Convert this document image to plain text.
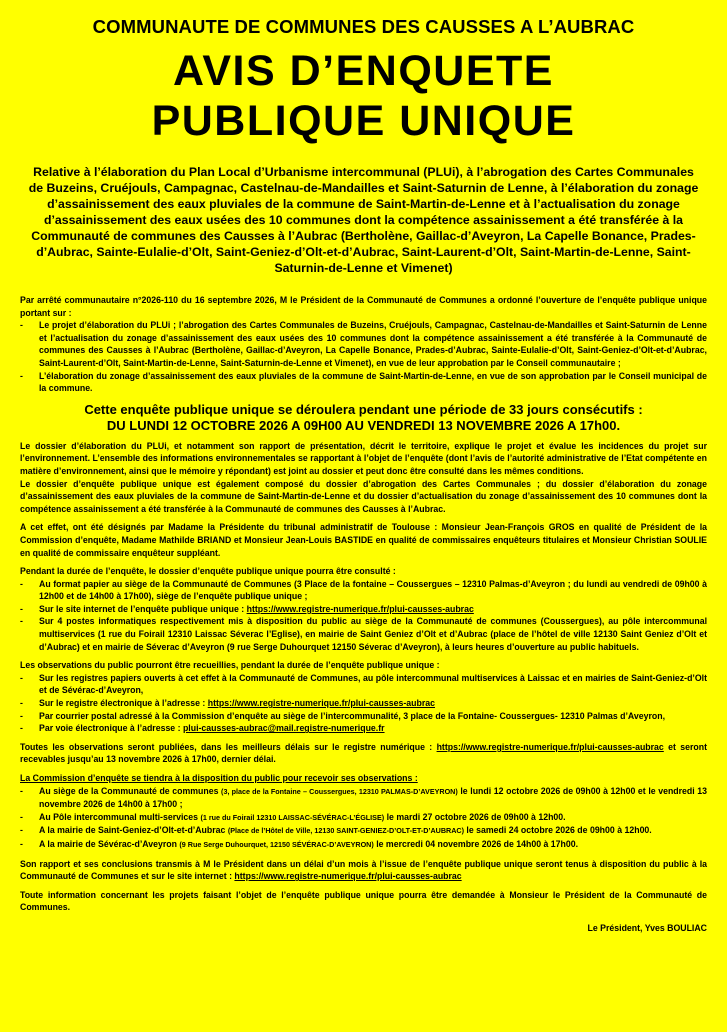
COMMUNAUTE DE COMMUNES DES CAUSSES A L’AUBRAC
AVIS D’ENQUETE
PUBLIQUE UNIQUE
Relative à l’élaboration du Plan Local d’Urbanisme intercommunal (PLUi), à l’abrogation des Cartes Communales de Buzeins, Cruéjouls, Campagnac, Castelnau-de-Mandailles et Saint-Saturnin de Lenne, à l’élaboration du zonage d’assainissement des eaux pluviales de la commune de Saint-Martin-de-Lenne et à l’actualisation du zonage d’assainissement des eaux usées des 10 communes dont la compétence assainissement a été transférée à la Communauté de communes des Causses à l’Aubrac (Bertholène, Gaillac-d’Aveyron, La Capelle Bonance, Prades-d’Aubrac, Sainte-Eulalie-d’Olt, Saint-Geniez-d’Olt-et-d’Aubrac, Saint-Laurent-d’Olt, Saint-Martin-de-Lenne, Saint-Saturnin-de-Lenne et Vimenet)

Par arrêté communautaire n°2026-110 du 16 septembre 2026, M le Président de la Communauté de Communes a ordonné l’ouverture de l’enquête publique unique portant sur :

- Le projet d’élaboration du PLUi ; l’abrogation des Cartes Communales de Buzeins, Cruéjouls, Campagnac, Castelnau-de-Mandailles et Saint-Saturnin de Lenne et l’actualisation du zonage d’assainissement des eaux usées des 10 communes dont la compétence assainissement a été transférée à la Communauté de communes des Causses à l’Aubrac (Bertholène, Gaillac-d’Aveyron, La Capelle Bonance, Prades-d’Aubrac, Sainte-Eulalie-d’Olt, Saint-Geniez-d’Olt-et-d’Aubrac, Saint-Laurent-d’Olt, Saint-Martin-de-Lenne, Saint-Saturnin-de-Lenne et Vimenet), en vue de leur approbation par le Conseil communautaire ;
- L’élaboration du zonage d’assainissement des eaux pluviales de la commune de Saint-Martin-de-Lenne, en vue de son approbation par le Conseil municipal de la commune.
Cette enquête publique unique se déroulera pendant une période de 33 jours consécutifs :
DU LUNDI 12 OCTOBRE 2026 A 09H00 AU VENDREDI 13 NOVEMBRE 2026 A 17h00.

Le dossier d’élaboration du PLUi, et notamment son rapport de présentation, décrit le territoire, explique le projet et évalue les incidences du projet sur l’environnement. L’ensemble des informations environnementales se rapportant à l’objet de l’enquête (dont l’avis de l’autorité administrative de l’Etat compétente en matière d’environnement, ainsi que le mémoire y répondant) est joint au dossier et peut donc être consulté dans les mêmes conditions.

Le dossier d’enquête publique unique est également composé du dossier d’abrogation des Cartes Communales ; du dossier d’élaboration du zonage d’assainissement des eaux pluviales de la commune de Saint-Martin-de-Lenne et du dossier d’actualisation du zonage d’assainissement des 10 communes dont la compétence assainissement a été transférée à la Communauté de communes des Causses à l’Aubrac.

A cet effet, ont été désignés par Madame la Présidente du tribunal administratif de Toulouse : Monsieur Jean-François GROS en qualité de Président de la Commission d’enquête, Madame Mathilde BRIAND et Monsieur Jean-Louis BASTIDE en qualité de commissaires enquêteurs titulaires et Monsieur Christian SOULIE en qualité de commissaire enquêteur suppléant.

Pendant la durée de l’enquête, le dossier d’enquête publique unique pourra être consulté :

- Au format papier au siège de la Communauté de Communes (3 Place de la fontaine – Coussergues – 12310 Palmas-d’Aveyron ; du lundi au vendredi de 09h00 à 12h00 et de 14h00 à 17h00), siège de l’enquête publique unique ;
- Sur le site internet de l’enquête publique unique : https://www.registre-numerique.fr/plui-causses-aubrac
- Sur 4 postes informatiques respectivement mis à disposition du public au siège de la Communauté de communes (Coussergues), au pôle intercommunal multiservices (1 rue du Foirail 12310 Laissac Séverac l’Eglise), en mairie de Saint Geniez d’Olt et d’Aubrac (place de l’hôtel de ville 12130 Saint Geniez d’Olt et d’Aubrac) et en mairie de Séverac d’Aveyron (9 rue Serge Duhourquet 12150 Séverac d’Aveyron), à leurs heures d’ouverture au public habituels.

Les observations du public pourront être recueillies, pendant la durée de l’enquête publique unique :

- Sur les registres papiers ouverts à cet effet à la Communauté de Communes, au pôle intercommunal multiservices à Laissac et en mairies de Saint-Geniez-d’Olt et de Sévérac-d’Aveyron,
- Sur le registre électronique à l’adresse : https://www.registre-numerique.fr/plui-causses-aubrac
- Par courrier postal adressé à la Commission d’enquête au siège de l’intercommunalité, 3 place de la Fontaine- Coussergues- 12310 Palmas d’Aveyron,
- Par voie électronique à l’adresse : plui-causses-aubrac@mail.registre-numerique.fr

Toutes les observations seront publiées, dans les meilleurs délais sur le registre numérique : https://www.registre-numerique.fr/plui-causses-aubrac et seront recevables jusqu’au 13 novembre 2026 à 17h00, dernier délai.

La Commission d’enquête se tiendra à la disposition du public pour recevoir ses observations :

- Au siège de la Communauté de communes (3, place de la Fontaine – Coussergues, 12310 PALMAS-D’AVEYRON) le lundi 12 octobre 2026 de 09h00 à 12h00 et le vendredi 13 novembre 2026 de 14h00 à 17h00 ;
- Au Pôle intercommunal multi-services (1 rue du Foirail 12310 LAISSAC-SÉVÉRAC-L’ÉGLISE) le mardi 27 octobre 2026 de 09h00 à 12h00.
- A la mairie de Saint-Geniez-d’Olt-et-d’Aubrac (Place de l’Hôtel de Ville, 12130 SAINT-GENIEZ-D’OLT-ET-D’AUBRAC) le samedi 24 octobre 2026 de 09h00 à 12h00.
- A la mairie de Sévérac-d’Aveyron (9 Rue Serge Duhourquet, 12150 SÉVÉRAC-D’AVEYRON) le mercredi 04 novembre 2026 de 14h00 à 17h00.

Son rapport et ses conclusions transmis à M le Président dans un délai d’un mois à l’issue de l’enquête publique unique seront tenus à disposition du public à la Communauté de Communes et sur le site internet : https://www.registre-numerique.fr/plui-causses-aubrac

Toute information concernant les projets faisant l’objet de l’enquête publique unique pourra être demandée à Monsieur le Président de la Communauté de Communes.

Le Président, Yves BOULIAC
